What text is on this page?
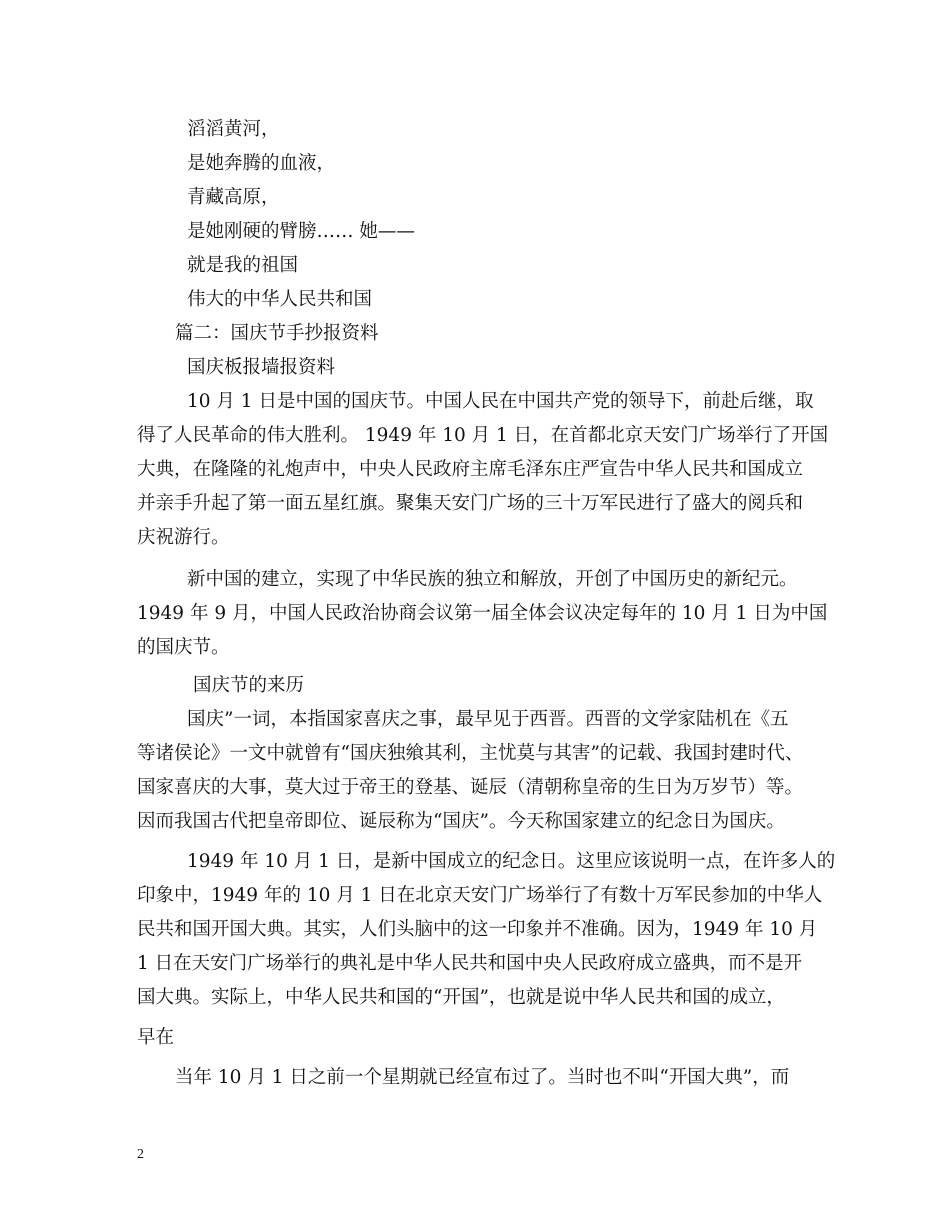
滔滔黄河，
是她奔腾的血液，
青藏高原，
是她刚硬的臂膀…… 她——
就是我的祖国
伟大的中华人民共和国
篇二：国庆节手抄报资料
国庆板报墙报资料
10 月 1 日是中国的国庆节。中国人民在中国共产党的领导下，前赴后继，取
得了人民革命的伟大胜利。 1949 年 10 月 1 日，在首都北京天安门广场举行了开国
大典，在隆隆的礼炮声中，中央人民政府主席毛泽东庄严宣告中华人民共和国成立
并亲手升起了第一面五星红旗。聚集天安门广场的三十万军民进行了盛大的阅兵和
庆祝游行。
新中国的建立，实现了中华民族的独立和解放，开创了中国历史的新纪元。
1949 年 9 月，中国人民政治协商会议第一届全体会议决定每年的 10 月 1 日为中国
的国庆节。
国庆节的来历
国庆”一词，本指国家喜庆之事，最早见于西晋。西晋的文学家陆机在《五
等诸侯论》一文中就曾有“国庆独飨其利，主忧莫与其害”的记载、我国封建时代、
国家喜庆的大事，莫大过于帝王的登基、诞辰（清朝称皇帝的生日为万岁节）等。
因而我国古代把皇帝即位、诞辰称为“国庆”。今天称国家建立的纪念日为国庆。
1949 年 10 月 1 日，是新中国成立的纪念日。这里应该说明一点，在许多人的
印象中，1949 年的 10 月 1 日在北京天安门广场举行了有数十万军民参加的中华人
民共和国开国大典。其实，人们头脑中的这一印象并不准确。因为，1949 年 10 月
1 日在天安门广场举行的典礼是中华人民共和国中央人民政府成立盛典，而不是开
国大典。实际上，中华人民共和国的“开国”，也就是说中华人民共和国的成立，
早在
当年 10 月 1 日之前一个星期就已经宣布过了。当时也不叫“开国大典”，而
2
